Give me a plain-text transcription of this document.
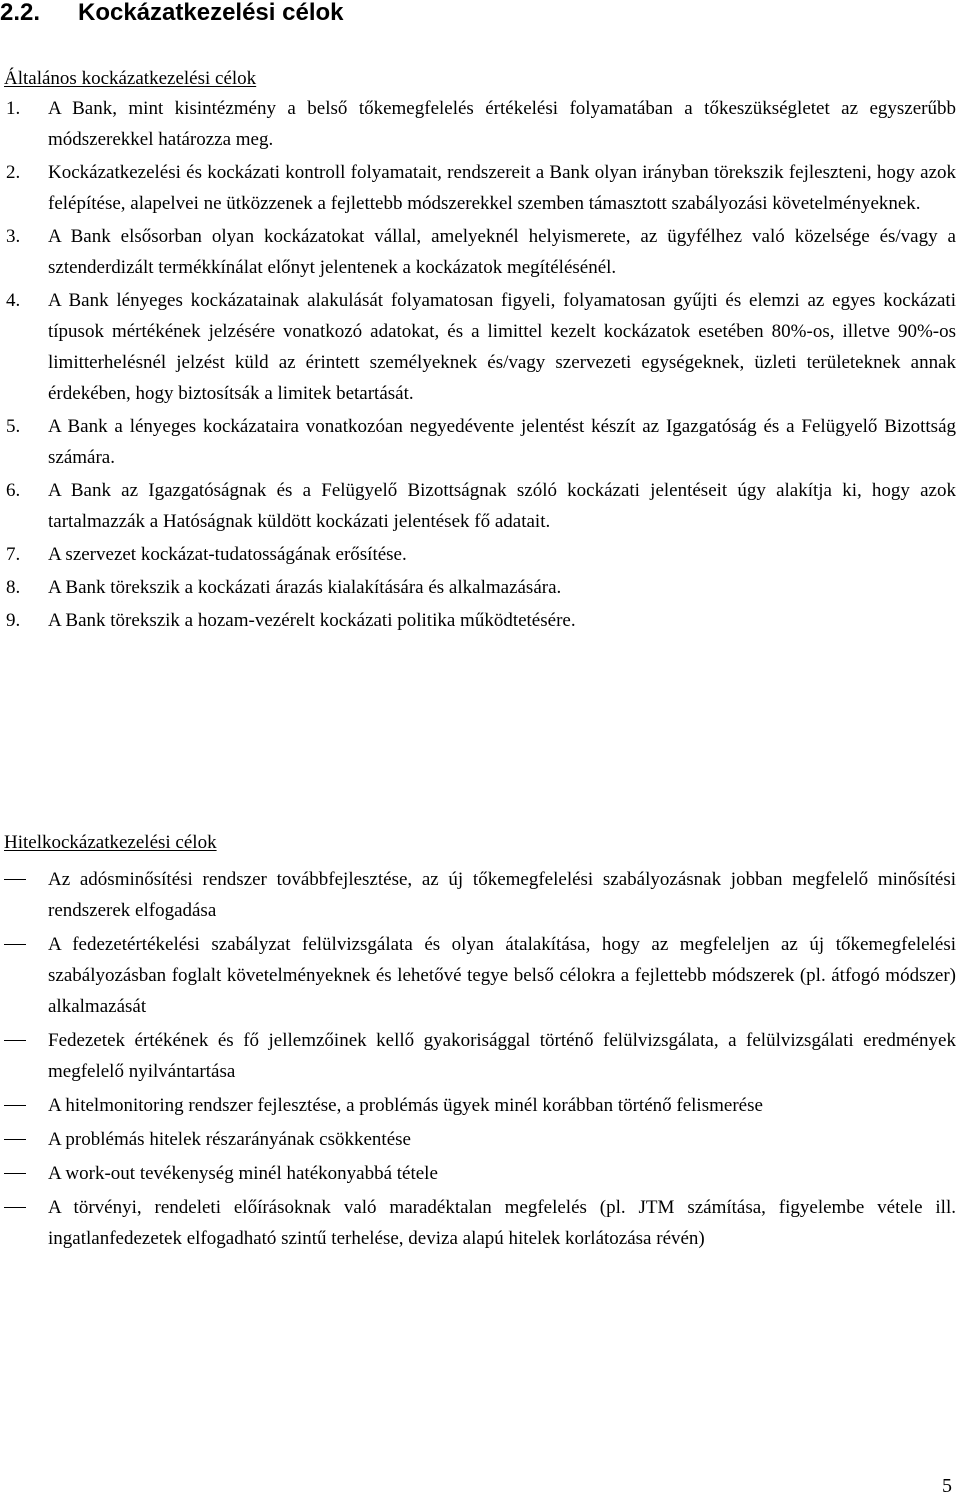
2.2. Kockázatkezelési célok
Általános kockázatkezelési célok
1.	A Bank, mint kisintézmény a belső tőkemegfelelés értékelési folyamatában a tőkeszükségletet az egyszerűbb módszerekkel határozza meg.
2.	Kockázatkezelési és kockázati kontroll folyamatait, rendszereit a Bank olyan irányban törekszik fejleszteni, hogy azok felépítése, alapelvei ne ütközzenek a fejlettebb módszerekkel szemben támasztott szabályozási követelményeknek.
3.	A Bank elsősorban olyan kockázatokat vállal, amelyeknél helyismerete, az ügyfélhez való közelsége és/vagy a sztenderdizált termékkínálat előnyt jelentenek a kockázatok megítélésénél.
4.	A Bank lényeges kockázatainak alakulását folyamatosan figyeli, folyamatosan gyűjti és elemzi az egyes kockázati típusok mértékének jelzésére vonatkozó adatokat, és a limittel kezelt kockázatok esetében 80%-os, illetve 90%-os limitterhelésnél jelzést küld az érintett személyeknek és/vagy szervezeti egységeknek, üzleti területeknek annak érdekében, hogy biztosítsák a limitek betartását.
5.	A Bank a lényeges kockázataira vonatkozóan negyedévente jelentést készít az Igazgatóság és a Felügyelő Bizottság számára.
6.	A Bank az Igazgatóságnak és a Felügyelő Bizottságnak szóló kockázati jelentéseit úgy alakítja ki, hogy azok tartalmazzák a Hatóságnak küldött kockázati jelentések fő adatait.
7.	A szervezet kockázat-tudatosságának erősítése.
8.	A Bank törekszik a kockázati árazás kialakítására és alkalmazására.
9.	A Bank törekszik a hozam-vezérelt kockázati politika működtetésére.
Hitelkockázatkezelési célok
Az adósminősítési rendszer továbbfejlesztése, az új tőkemegfelelési szabályozásnak jobban megfelelő minősítési rendszerek elfogadása
A fedezetértékelési szabályzat felülvizsgálata és olyan átalakítása, hogy az megfeleljen az új tőkemegfelelési szabályozásban foglalt követelményeknek és lehetővé tegye belső célokra a fejlettebb módszerek (pl. átfogó módszer) alkalmazását
Fedezetek értékének és fő jellemzőinek kellő gyakorisággal történő felülvizsgálata, a felülvizsgálati eredmények megfelelő nyilvántartása
A hitelmonitoring rendszer fejlesztése, a problémás ügyek minél korábban történő felismerése
A problémás hitelek részarányának csökkentése
A work-out tevékenység minél hatékonyabbá tétele
A törvényi, rendeleti előírásoknak való maradéktalan megfelelés (pl. JTM számítása, figyelembe vétele ill. ingatlanfedezetek elfogadható szintű terhelése, deviza alapú hitelek korlátozása révén)
5
